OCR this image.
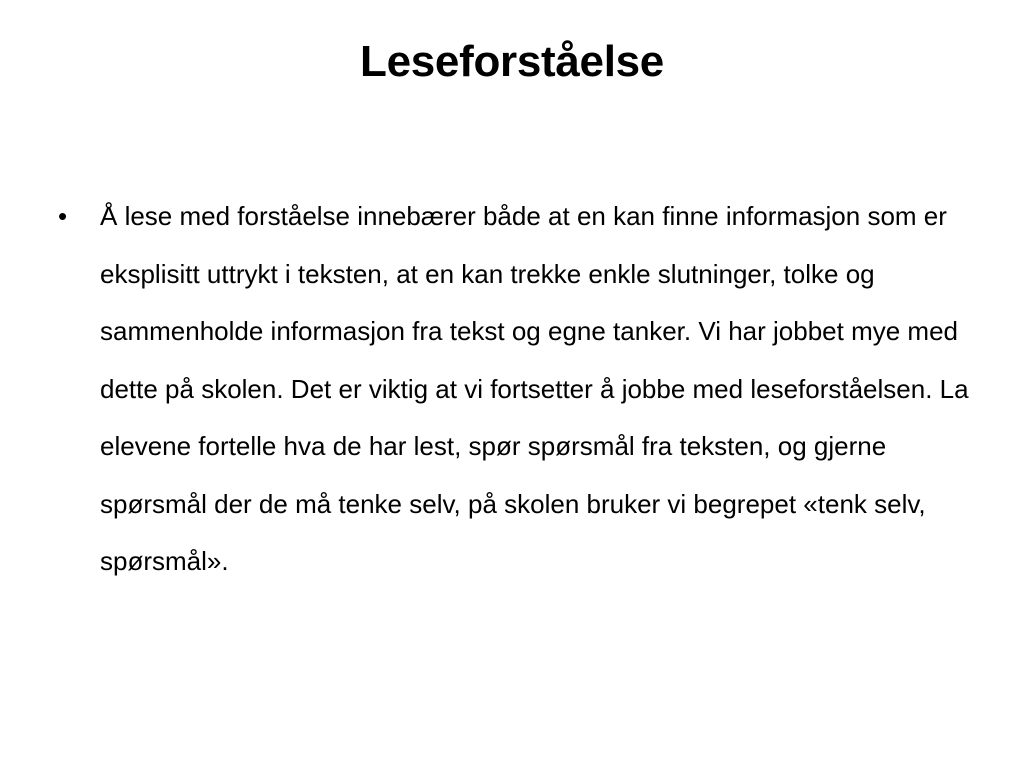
Leseforståelse
•	Å lese med forståelse innebærer både at en kan finne informasjon som er eksplisitt uttrykt i teksten, at en kan trekke enkle slutninger, tolke og sammenholde informasjon fra tekst og egne tanker. Vi har jobbet mye med dette på skolen. Det er viktig at vi fortsetter å jobbe med leseforståelsen. La elevene fortelle hva de har lest, spør spørsmål fra teksten, og gjerne spørsmål der de må tenke selv, på skolen bruker vi begrepet «tenk selv, spørsmål».
